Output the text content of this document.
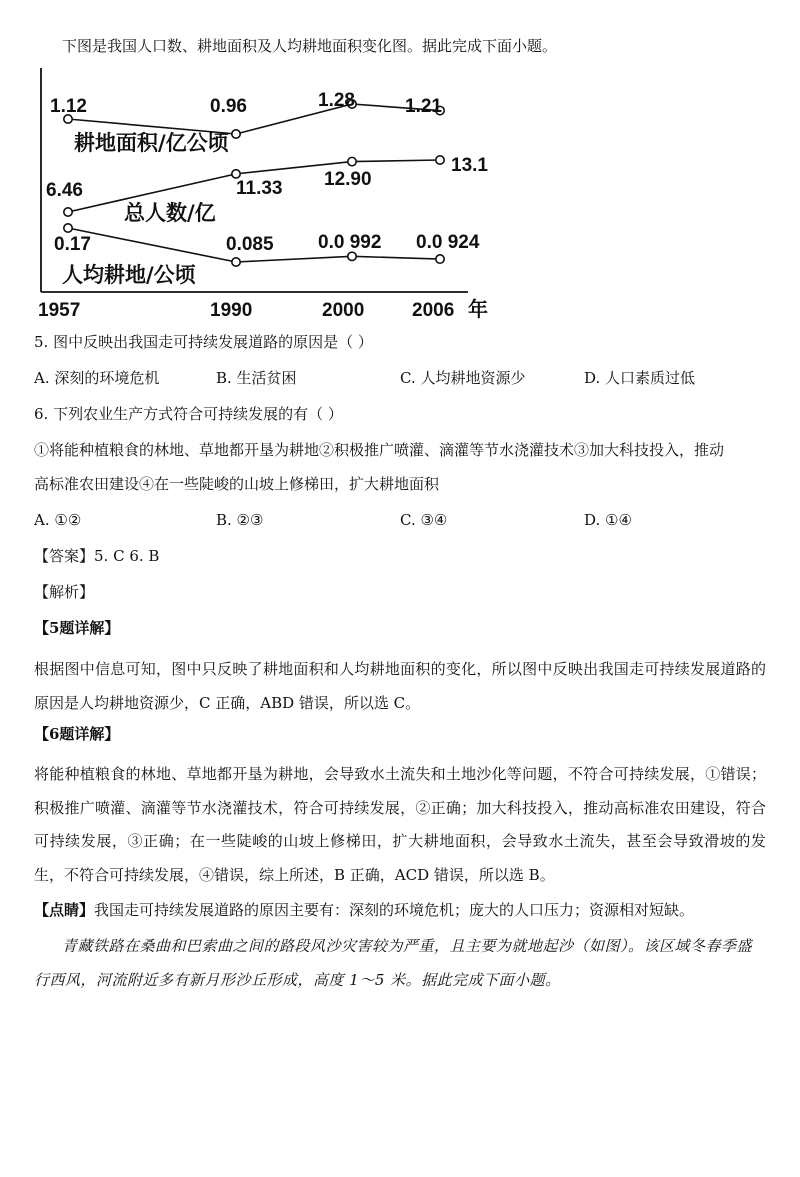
下图是我国人口数、耕地面积及人均耕地面积变化图。据此完成下面小题。
1.12	0.96	1.28	1.21
耕地面积/亿公顷
6.46	11.33 12.90
13.1
总人数/亿
0.17	0.085 0.0 992 0.0 924
人均耕地/公顷
1957	1990	2000	2006 年
5. 图中反映出我国走可持续发展道路的原因是（ ）
A. 深刻的环境危机	B. 生活贫困	C. 人均耕地资源少	D. 人口素质过低
6. 下列农业生产方式符合可持续发展的有（ ）
①将能种植粮食的林地、草地都开垦为耕地②积极推广喷灌、滴灌等节水浇灌技术③加大科技投入，推动
高标准农田建设④在一些陡峻的山坡上修梯田，扩大耕地面积
A. ①②	B. ②③	C. ③④	D. ①④
【答案】5. C 6. B
【解析】
【5题详解】
根据图中信息可知，图中只反映了耕地面积和人均耕地面积的变化，所以图中反映出我国走可持续发展道路的原因是人均耕地资源少，C 正确，ABD 错误，所以选 C。
【6题详解】
将能种植粮食的林地、草地都开垦为耕地，会导致水土流失和土地沙化等问题，不符合可持续发展，①错误；积极推广喷灌、滴灌等节水浇灌技术，符合可持续发展，②正确；加大科技投入，推动高标准农田建设，符合可持续发展，③正确；在一些陡峻的山坡上修梯田，扩大耕地面积，会导致水土流失，甚至会导致滑坡的发生，不符合可持续发展，④错误，综上所述，B 正确，ACD 错误，所以选 B。
【点睛】我国走可持续发展道路的原因主要有：深刻的环境危机；庞大的人口压力；资源相对短缺。
青藏铁路在桑曲和巴索曲之间的路段风沙灾害较为严重，且主要为就地起沙（如图）。该区域冬春季盛
行西风，河流附近多有新月形沙丘形成，高度 1～5 米。据此完成下面小题。
